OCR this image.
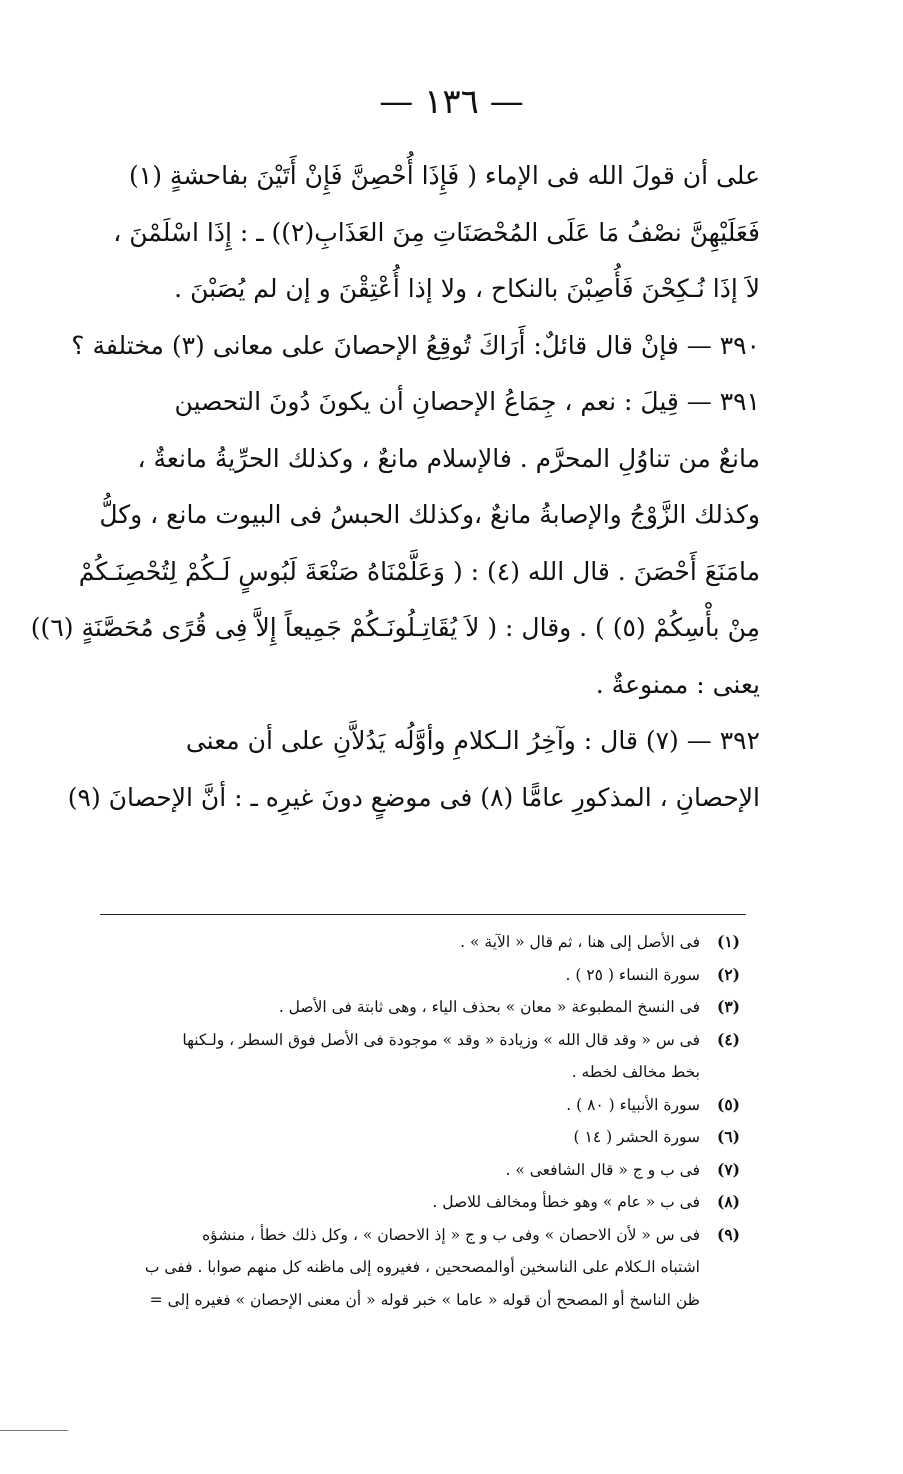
— ١٣٦ —
على أن قولَ الله فى الإماء ( فَإِذَا أُحْصِنَّ فَإِنْ أَتَيْنَ بفاحشةٍ (١)
فَعَلَيْهِنَّ نصْفُ مَا عَلَى المُحْصَنَاتِ مِنَ العَذَابِ(٢)) ـ : إِذَا اسْلَمْنَ ،
لاَ إذَا نُـكِحْنَ فَأُصِبْنَ بالنكاح ، ولا إذا أُعْتِقْنَ و إن لم يُصَبْنَ .
٣٩٠ — فإنْ قال قائلٌ: أَرَاكَ تُوقِعُ الإحصانَ على معانى (٣) مختلفة ؟
٣٩١ — قِيلَ : نعم ، جِمَاعُ الإحصانِ أن يكونَ دُونَ التحصين
مانعٌ من تناوُلِ المحرَّم . فالإسلام مانعٌ ، وكذلك الحرِّيةُ مانعةٌ ،
وكذلك الزَّوْجُ والإصابةُ مانعٌ ،وكذلك الحبسُ فى البيوت مانع ، وكلُّ
مامَنَعَ أَحْصَنَ . قال الله (٤) : ( وَعَلَّمْنَاهُ صَنْعَةَ لَبُوسٍ لَـكُمْ لِتُحْصِنَـكُمْ
مِنْ بأْسِكُمْ (٥) ) . وقال : ( لاَ يُقَاتِـلُونَـكُمْ جَمِيعاً إِلاَّ فِى قُرًى مُحَصَّنَةٍ (٦))
يعنى : ممنوعةٌ .
٣٩٢ — (٧) قال : وآخِرُ الـكلامِ وأوَّلُه يَدُلاَّنِ على أن معنى
الإحصانِ ، المذكورِ عامًّا (٨) فى موضعٍ دونَ غيرِه ـ : أنَّ الإحصانَ (٩)
(١)
فى الأصل إلى هنا ، ثم قال « الآية » .
(٢)
سورة النساء ( ٢٥ ) .
(٣)
فى النسخ المطبوعة « معان » بحذف الياء ، وهى ثابتة فى الأصل .
(٤)
فى س « وقد قال الله » وزيادة « وقد » موجودة فى الأصل فوق السطر ، ولـكنها
بخط مخالف لخطه .
(٥)
سورة الأنبياء ( ٨٠ ) .
(٦)
سورة الحشر ( ١٤ )
(٧)
فى ب و ج « قال الشافعى » .
(٨)
فى ب « عام » وهو خطأ ومخالف للاصل .
(٩)
فى س « لأن الاحصان » وفى ب و ج « إذ الاحصان » ، وكل ذلك خطأ ، منشؤه
اشتباه الـكلام على الناسخين أوالمصححين ، فغيروه إلى ماظنه كل منهم صوابا . ففى ب
ظن الناسخ أو المصحح أن قوله « عاما » خبر قوله « أن معنى الإحصان » فغيره إلى =
